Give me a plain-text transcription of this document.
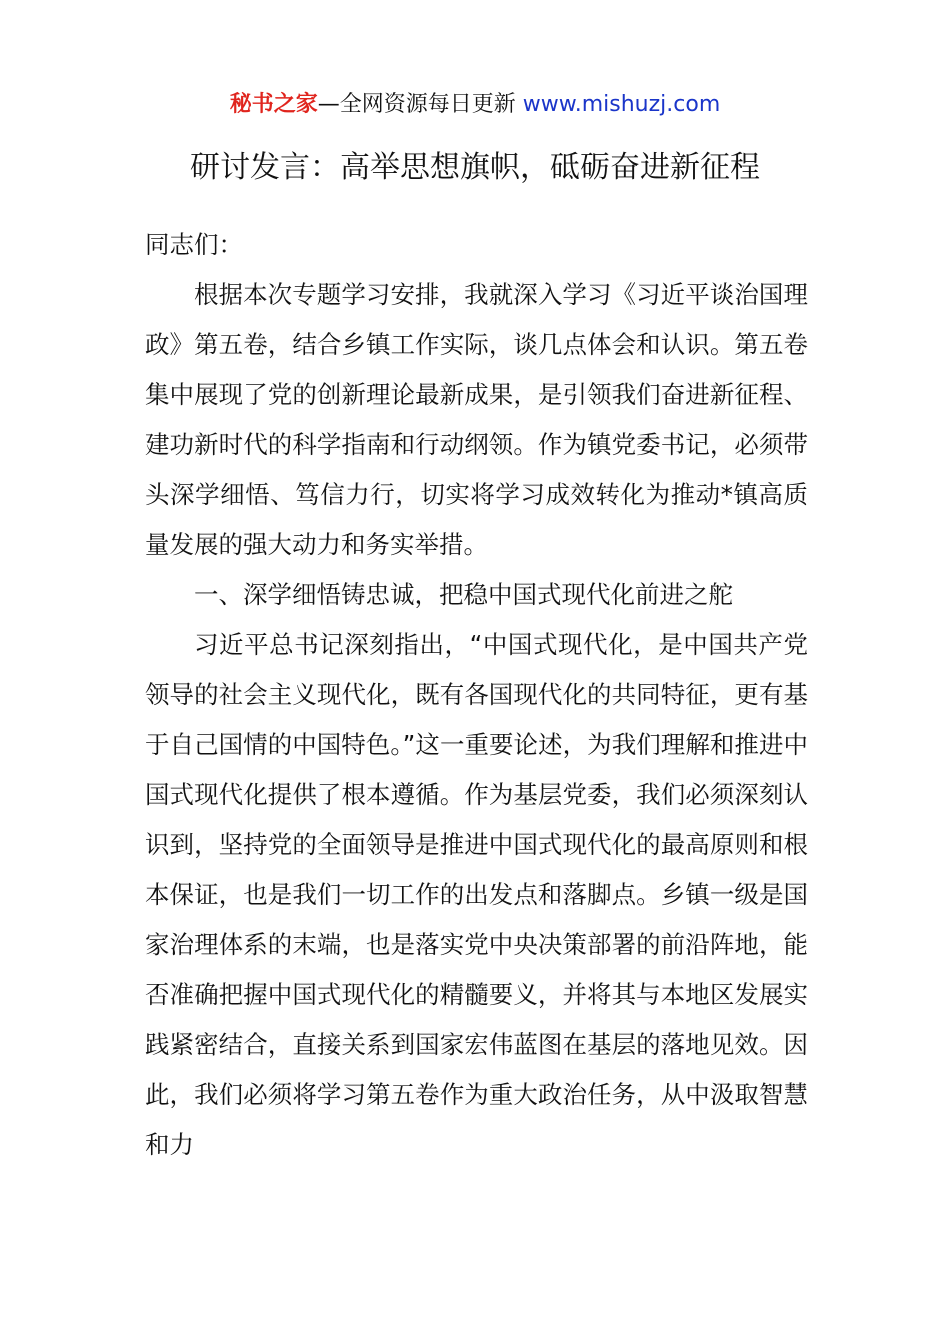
秘书之家—全网资源每日更新 www.mishuzj.com
研讨发言：高举思想旗帜，砥砺奋进新征程

同志们：

根据本次专题学习安排，我就深入学习《习近平谈治国理政》第五卷，结合乡镇工作实际，谈几点体会和认识。第五卷集中展现了党的创新理论最新成果，是引领我们奋进新征程、建功新时代的科学指南和行动纲领。作为镇党委书记，必须带头深学细悟、笃信力行，切实将学习成效转化为推动*镇高质量发展的强大动力和务实举措。

一、深学细悟铸忠诚，把稳中国式现代化前进之舵

习近平总书记深刻指出，“中国式现代化，是中国共产党领导的社会主义现代化，既有各国现代化的共同特征，更有基于自己国情的中国特色。”这一重要论述，为我们理解和推进中国式现代化提供了根本遵循。作为基层党委，我们必须深刻认识到，坚持党的全面领导是推进中国式现代化的最高原则和根本保证，也是我们一切工作的出发点和落脚点。乡镇一级是国家治理体系的末端，也是落实党中央决策部署的前沿阵地，能否准确把握中国式现代化的精髓要义，并将其与本地区发展实践紧密结合，直接关系到国家宏伟蓝图在基层的落地见效。因此，我们必须将学习第五卷作为重大政治任务，从中汲取智慧和力
